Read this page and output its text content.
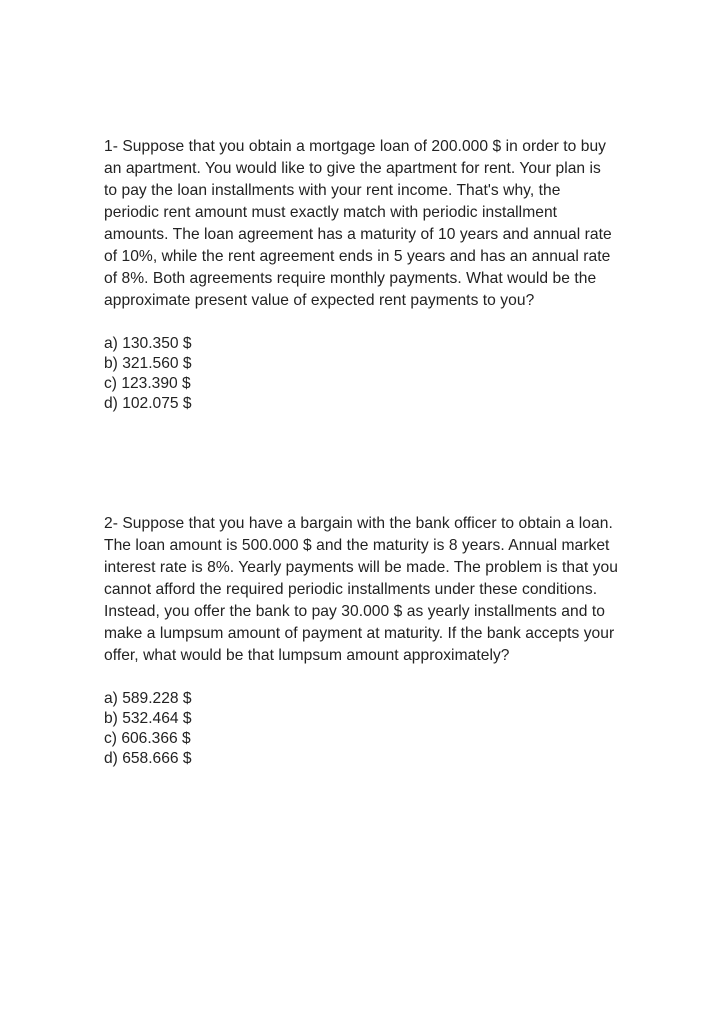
1- Suppose that you obtain a mortgage loan of 200.000 $ in order to buy
an apartment. You would like to give the apartment for rent. Your plan is
to pay the loan installments with your rent income. That's why, the
periodic rent amount must exactly match with periodic installment
amounts. The loan agreement has a maturity of 10 years and annual rate
of 10%, while the rent agreement ends in 5 years and has an annual rate
of 8%. Both agreements require monthly payments. What would be the
approximate present value of expected rent payments to you?

a) 130.350 $
b) 321.560 $
c) 123.390 $
d) 102.075 $

2- Suppose that you have a bargain with the bank officer to obtain a loan.
The loan amount is 500.000 $ and the maturity is 8 years. Annual market
interest rate is 8%. Yearly payments will be made. The problem is that you
cannot afford the required periodic installments under these conditions.
Instead, you offer the bank to pay 30.000 $ as yearly installments and to
make a lumpsum amount of payment at maturity. If the bank accepts your
offer, what would be that lumpsum amount approximately?

a) 589.228 $
b) 532.464 $
c) 606.366 $
d) 658.666 $
